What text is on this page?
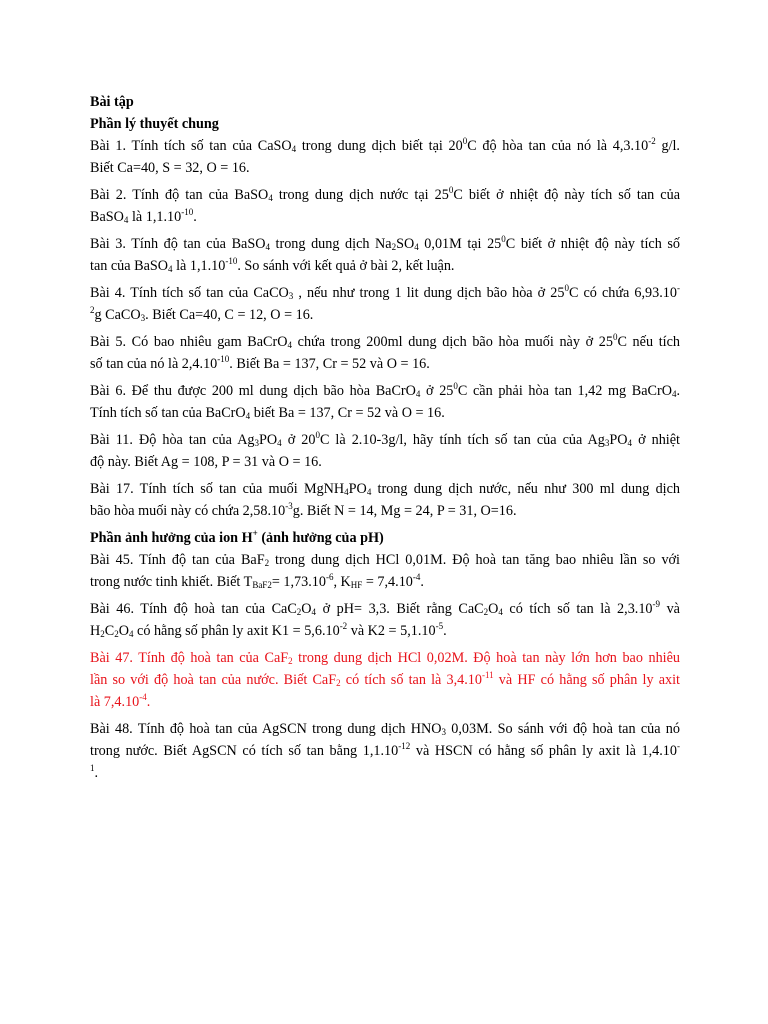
Bài tập
Phần lý thuyết chung
Bài 1. Tính tích số tan của CaSO$_4$ trong dung dịch biết tại $20^0C$ độ hòa tan của nó là $4,3.10^{-2}$ g/l.
Biết Ca=40, S = 32, O = 16.
Bài 2. Tính độ tan của BaSO$_4$ trong dung dịch nước tại $25^0C$ biết ở nhiệt độ này tích số tan của
BaSO$_4$ là $1,1.10^{-10}$.
Bài 3. Tính độ tan của BaSO$_4$ trong dung dịch $Na_2SO_4$ 0,01M tại $25^0C$ biết ở nhiệt độ này tích số
tan của BaSO$_4$ là $1,1.10^{-10}$. So sánh với kết quả ở bài 2, kết luận.
Bài 4. Tính tích số tan của CaCO$_3$ , nếu như trong 1 lit dung dịch bão hòa ở $25^0C$ có chứa 6,93.10-
$^2$g CaCO$_3$. Biết Ca=40, C = 12, O = 16.
Bài 5. Có bao nhiêu gam BaCrO$_4$ chứa trong 200ml dung dịch bão hòa muối này ở $25^0C$ nếu tích
số tan của nó là $2,4.10^{-10}$. Biết Ba = 137, Cr = 52 và O = 16.
Bài 6. Để thu được 200 ml dung dịch bão hòa BaCrO$_4$ ở $25^0C$ cần phải hòa tan 1,42 mg BaCrO$_4$.
Tính tích số tan của BaCrO$_4$ biết Ba = 137, Cr = 52 và O = 16.
Bài 11. Độ hòa tan của $Ag_3PO_4$ ở $20^0C$ là 2.10-3g/l, hãy tính tích số tan của của $Ag_3PO_4$ ở nhiệt
độ này. Biết Ag = 108, P = 31 và O = 16.
Bài 17. Tính tích số tan của muối $MgNH_4PO_4$ trong dung dịch nước, nếu như 300 ml dung dịch
bão hòa muối này có chứa $2,58.10^{-3}g$. Biết N = 14, Mg = 24, P = 31, O=16.
Phần ảnh hưởng của ion H+ (ảnh hưởng của pH)
Bài 45. Tính độ tan của BaF$_2$ trong dung dịch HCl 0,01M. Độ hoà tan tăng bao nhiêu lần so với
trong nước tinh khiết. Biết $T_{BaF2}= 1,73.10^{-6}$, $K_{HF} = 7,4.10^{-4}$.
Bài 46. Tính độ hoà tan của $CaC_2O_4$ ở pH= 3,3. Biết rằng $CaC_2O_4$ có tích số tan là $2,3.10^{-9}$ và
$H_2C_2O_4$ có hằng số phân ly axit $K1 = 5,6.10^{-2}$ và $K2 = 5,1.10^{-5}$.
Bài 47. Tính độ hoà tan của CaF$_2$ trong dung dịch HCl 0,02M. Độ hoà tan này lớn hơn bao nhiêu
lần so với độ hoà tan của nước. Biết CaF$_2$ có tích số tan là $3,4.10^{-11}$ và HF có hằng số phân ly axit
là $7,4.10^{-4}$.
Bài 48. Tính độ hoà tan của AgSCN trong dung dịch $HNO_3$ 0,03M. So sánh với độ hoà tan của nó
trong nước. Biết AgSCN có tích số tan bằng $1,1.10^{-12}$ và HSCN có hằng số phân ly axit là 1,4.10-
$^1$.
